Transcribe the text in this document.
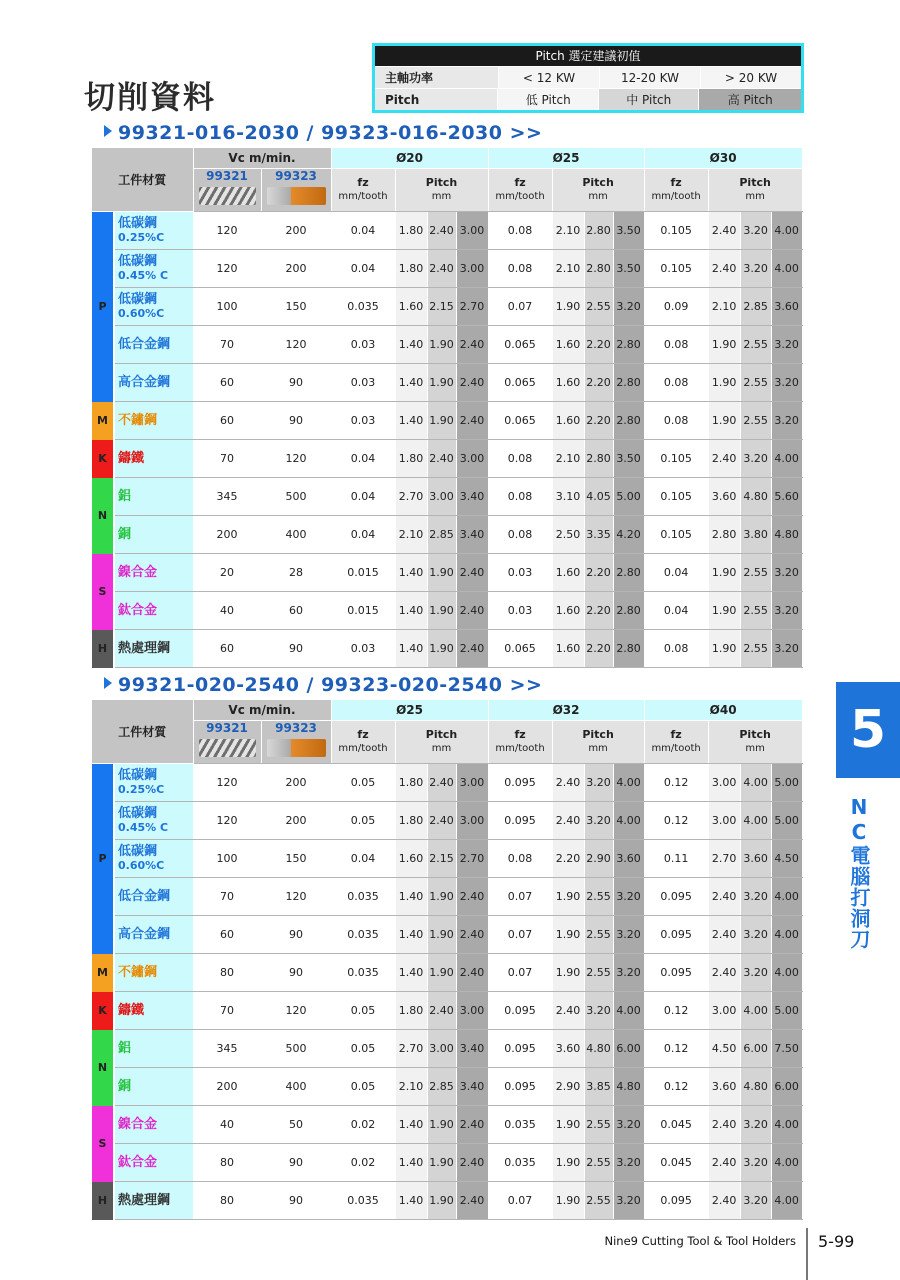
切削資料
Pitch 選定建議初值
主軸功率	< 12 KW	12-20 KW	> 20 KW
Pitch	低 Pitch	中 Pitch	高 Pitch
99321-016-2030 / 99323-016-2030 >>
工件材質		Vc m/min.		Ø20				Ø25				Ø30			

		99321	99323	fz
mm/tooth	Pitch
mm			fz
mm/tooth	Pitch
mm			fz
mm/tooth	Pitch
mm		

P	低碳鋼
0.25%C	120	200	0.04	1.80	2.40	3.00	0.08	2.10	2.80	3.50	0.105	2.40	3.20	4.00
	低碳鋼
0.45% C	120	200	0.04	1.80	2.40	3.00	0.08	2.10	2.80	3.50	0.105	2.40	3.20	4.00
	低碳鋼
0.60%C	100	150	0.035	1.60	2.15	2.70	0.07	1.90	2.55	3.20	0.09	2.10	2.85	3.60
	低合金鋼	70	120	0.03	1.40	1.90	2.40	0.065	1.60	2.20	2.80	0.08	1.90	2.55	3.20
	高合金鋼	60	90	0.03	1.40	1.90	2.40	0.065	1.60	2.20	2.80	0.08	1.90	2.55	3.20
M	不鏽鋼	60	90	0.03	1.40	1.90	2.40	0.065	1.60	2.20	2.80	0.08	1.90	2.55	3.20
K	鑄鐵	70	120	0.04	1.80	2.40	3.00	0.08	2.10	2.80	3.50	0.105	2.40	3.20	4.00
N	鋁	345	500	0.04	2.70	3.00	3.40	0.08	3.10	4.05	5.00	0.105	3.60	4.80	5.60
	銅	200	400	0.04	2.10	2.85	3.40	0.08	2.50	3.35	4.20	0.105	2.80	3.80	4.80
S	鎳合金	20	28	0.015	1.40	1.90	2.40	0.03	1.60	2.20	2.80	0.04	1.90	2.55	3.20
	鈦合金	40	60	0.015	1.40	1.90	2.40	0.03	1.60	2.20	2.80	0.04	1.90	2.55	3.20
H	熱處理鋼	60	90	0.03	1.40	1.90	2.40	0.065	1.60	2.20	2.80	0.08	1.90	2.55	3.20
99321-020-2540 / 99323-020-2540 >>
工件材質		Vc m/min.		Ø25				Ø32				Ø40			

		99321	99323	fz
mm/tooth	Pitch
mm			fz
mm/tooth	Pitch
mm			fz
mm/tooth	Pitch
mm		

P	低碳鋼
0.25%C	120	200	0.05	1.80	2.40	3.00	0.095	2.40	3.20	4.00	0.12	3.00	4.00	5.00
	低碳鋼
0.45% C	120	200	0.05	1.80	2.40	3.00	0.095	2.40	3.20	4.00	0.12	3.00	4.00	5.00
	低碳鋼
0.60%C	100	150	0.04	1.60	2.15	2.70	0.08	2.20	2.90	3.60	0.11	2.70	3.60	4.50
	低合金鋼	70	120	0.035	1.40	1.90	2.40	0.07	1.90	2.55	3.20	0.095	2.40	3.20	4.00
	高合金鋼	60	90	0.035	1.40	1.90	2.40	0.07	1.90	2.55	3.20	0.095	2.40	3.20	4.00
M	不鏽鋼	80	90	0.035	1.40	1.90	2.40	0.07	1.90	2.55	3.20	0.095	2.40	3.20	4.00
K	鑄鐵	70	120	0.05	1.80	2.40	3.00	0.095	2.40	3.20	4.00	0.12	3.00	4.00	5.00
N	鋁	345	500	0.05	2.70	3.00	3.40	0.095	3.60	4.80	6.00	0.12	4.50	6.00	7.50
	銅	200	400	0.05	2.10	2.85	3.40	0.095	2.90	3.85	4.80	0.12	3.60	4.80	6.00
S	鎳合金	40	50	0.02	1.40	1.90	2.40	0.035	1.90	2.55	3.20	0.045	2.40	3.20	4.00
	鈦合金	80	90	0.02	1.40	1.90	2.40	0.035	1.90	2.55	3.20	0.045	2.40	3.20	4.00
H	熱處理鋼	80	90	0.035	1.40	1.90	2.40	0.07	1.90	2.55	3.20	0.095	2.40	3.20	4.00
5
NC電腦打洞刀
Nine9 Cutting Tool & Tool Holders 5-99
